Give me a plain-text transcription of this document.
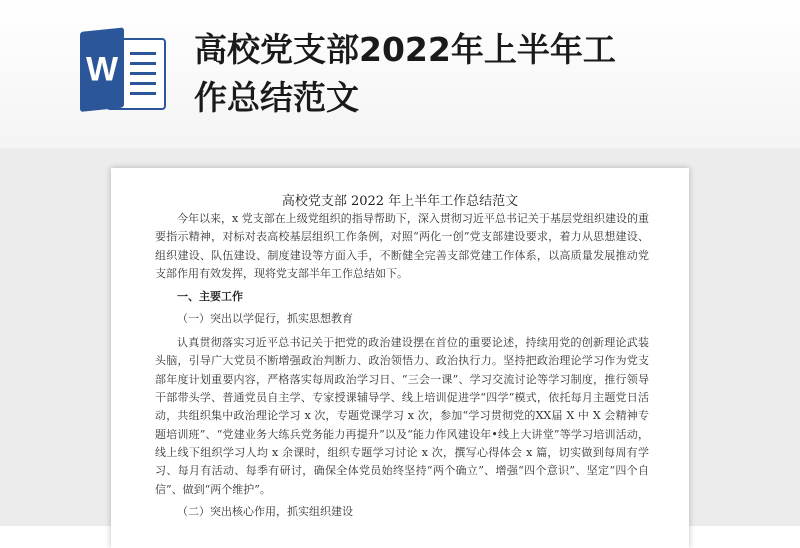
W
高校党支部2022年上半年工作总结范文
高校党支部 2022 年上半年工作总结范文

今年以来，x 党支部在上级党组织的指导帮助下，深入贯彻习近平总书记关于基层党组织建设的重要指示精神，对标对表高校基层组织工作条例，对照“两化一创”党支部建设要求，着力从思想建设、组织建设、队伍建设、制度建设等方面入手，不断健全完善支部党建工作体系，以高质量发展推动党支部作用有效发挥，现将党支部半年工作总结如下。

一、主要工作

（一）突出以学促行，抓实思想教育

认真贯彻落实习近平总书记关于把党的政治建设摆在首位的重要论述，持续用党的创新理论武装头脑，引导广大党员不断增强政治判断力、政治领悟力、政治执行力。坚持把政治理论学习作为党支部年度计划重要内容，严格落实每周政治学习日、“三会一课”、学习交流讨论等学习制度，推行领导干部带头学、普通党员自主学、专家授课辅导学、线上培训促进学“四学”模式，依托每月主题党日活动，共组织集中政治理论学习 x 次，专题党课学习 x 次，参加“学习贯彻党的XX届 X 中 X 会精神专题培训班”、“党建业务大练兵党务能力再提升”以及“能力作风建设年•线上大讲堂”等学习培训活动，线上线下组织学习人均 x 余课时，组织专题学习讨论 x 次，撰写心得体会 x 篇，切实做到每周有学习、每月有活动、每季有研讨，确保全体党员始终坚持“两个确立”、增强“四个意识”、坚定“四个自信”、做到“两个维护”。

（二）突出核心作用，抓实组织建设
